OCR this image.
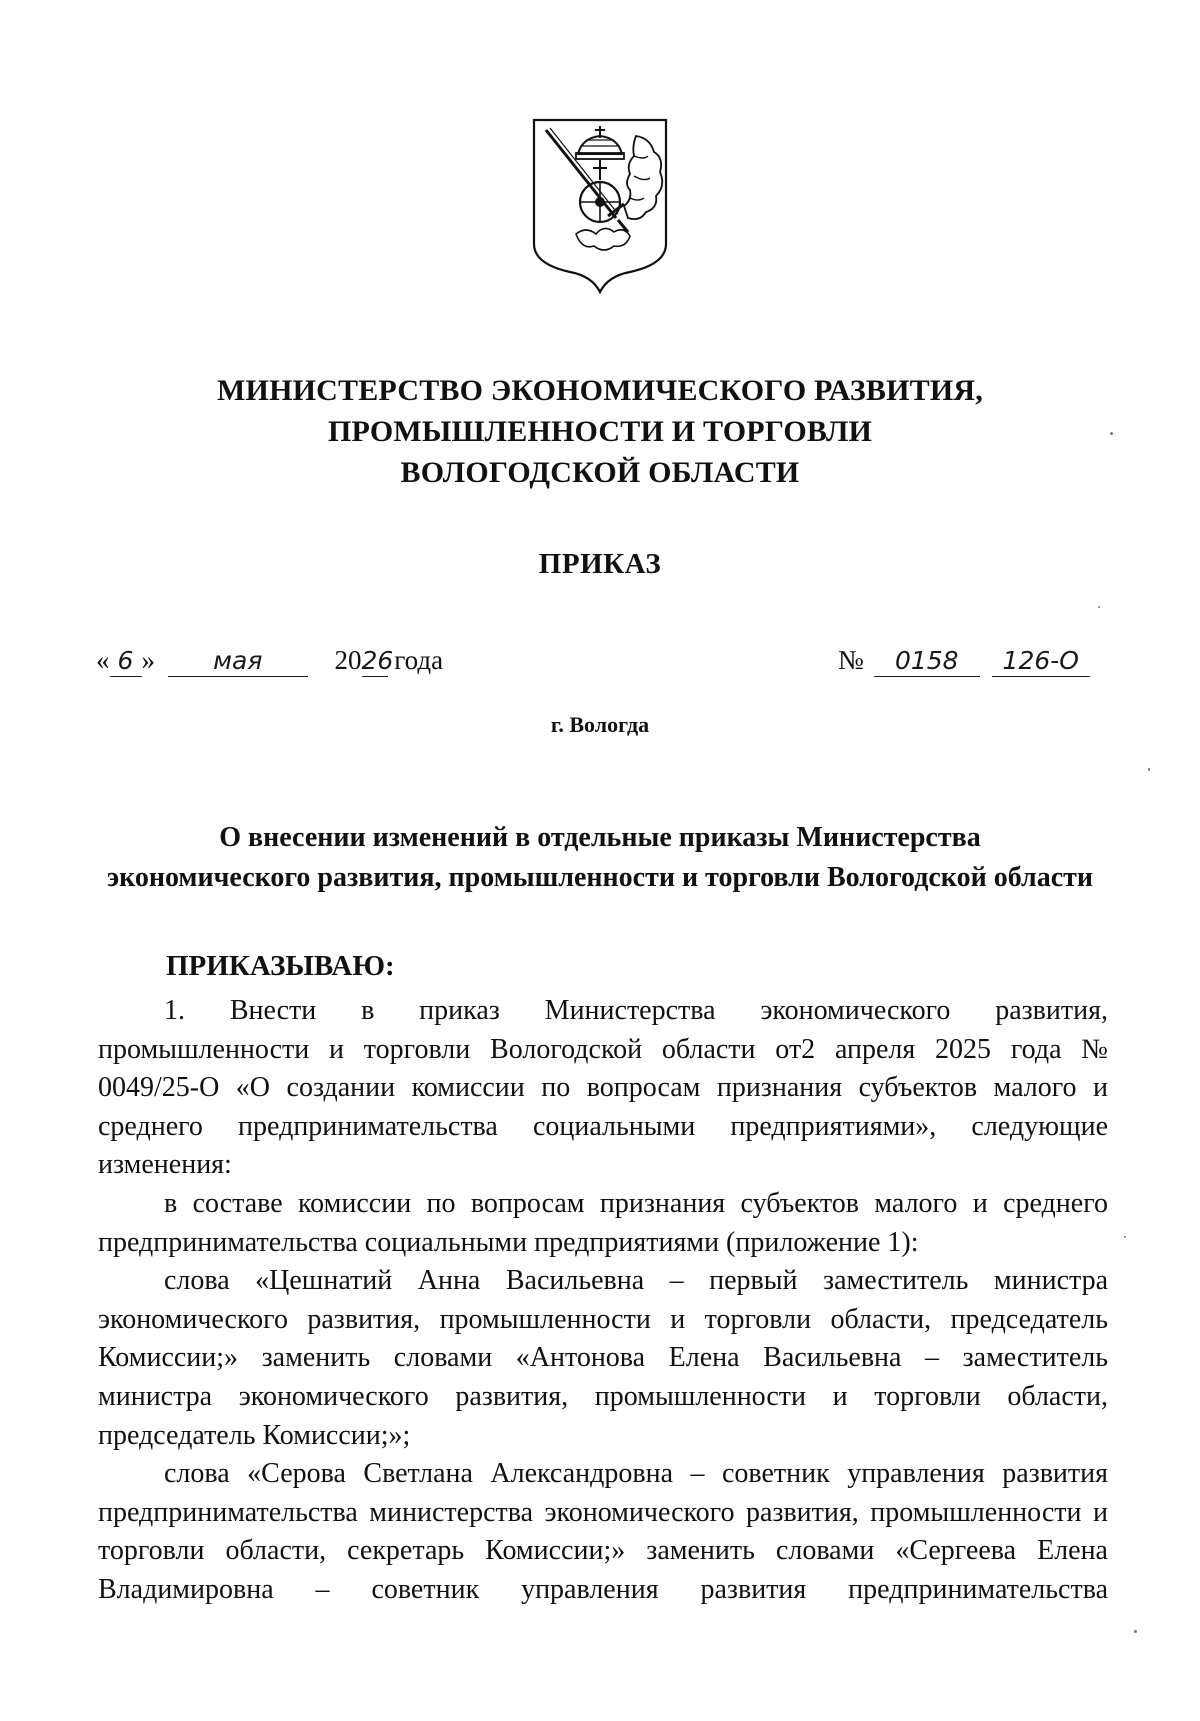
МИНИСТЕРСТВО ЭКОНОМИЧЕСКОГО РАЗВИТИЯ,
ПРОМЫШЛЕННОСТИ И ТОРГОВЛИ
ВОЛОГОДСКОЙ ОБЛАСТИ
ПРИКАЗ
« 6 » мая	2026 года	№ 0158 126-О
г. Вологда
О внесении изменений в отдельные приказы Министерства
экономического развития, промышленности и торговли Вологодской области
ПРИКАЗЫВАЮ:
1. Внести в приказ Министерства экономического развития,
промышленности и торговли Вологодской области от2 апреля 2025 года №
0049/25-О «О создании комиссии по вопросам признания субъектов малого и
среднего предпринимательства социальными предприятиями», следующие
изменения:
в составе комиссии по вопросам признания субъектов малого и среднего
предпринимательства социальными предприятиями (приложение 1):
слова «Цешнатий Анна Васильевна – первый заместитель министра
экономического развития, промышленности и торговли области, председатель
Комиссии;» заменить словами «Антонова Елена Васильевна – заместитель
министра экономического развития, промышленности и торговли области,
председатель Комиссии;»;
слова «Серова Светлана Александровна – советник управления развития
предпринимательства министерства экономического развития, промышленности и
торговли области, секретарь Комиссии;» заменить словами «Сергеева Елена
Владимировна – советник управления развития предпринимательства
